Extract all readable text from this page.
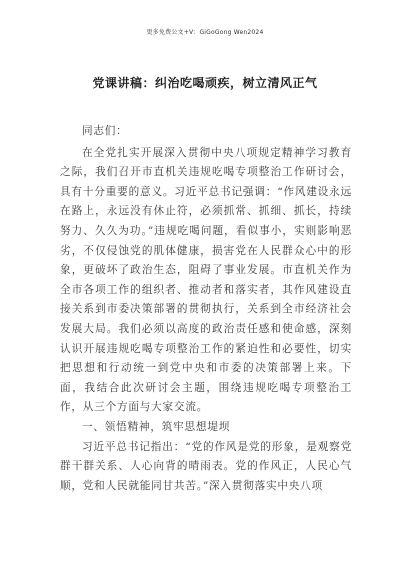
更多免费公文+V：GiGoGong Wen2024
党课讲稿：纠治吃喝顽疾，树立清风正气

同志们：

在全党扎实开展深入贯彻中央八项规定精神学习教育之际，我们召开市直机关违规吃喝专项整治工作研讨会，具有十分重要的意义。习近平总书记强调：“作风建设永远在路上，永远没有休止符，必须抓常、抓细、抓长，持续努力、久久为功。”违规吃喝问题，看似事小，实则影响恶劣，不仅侵蚀党的肌体健康，损害党在人民群众心中的形象，更破坏了政治生态，阻碍了事业发展。市直机关作为全市各项工作的组织者、推动者和落实者，其作风建设直接关系到市委决策部署的贯彻执行，关系到全市经济社会发展大局。我们必须以高度的政治责任感和使命感，深刻认识开展违规吃喝专项整治工作的紧迫性和必要性，切实把思想和行动统一到党中央和市委的决策部署上来。下面，我结合此次研讨会主题，围绕违规吃喝专项整治工作，从三个方面与大家交流。

一、领悟精神，筑牢思想堤坝

习近平总书记指出：“党的作风是党的形象，是观察党群干群关系、人心向背的晴雨表。党的作风正，人民心气顺，党和人民就能同甘共苦。”深入贯彻落实中央八项
